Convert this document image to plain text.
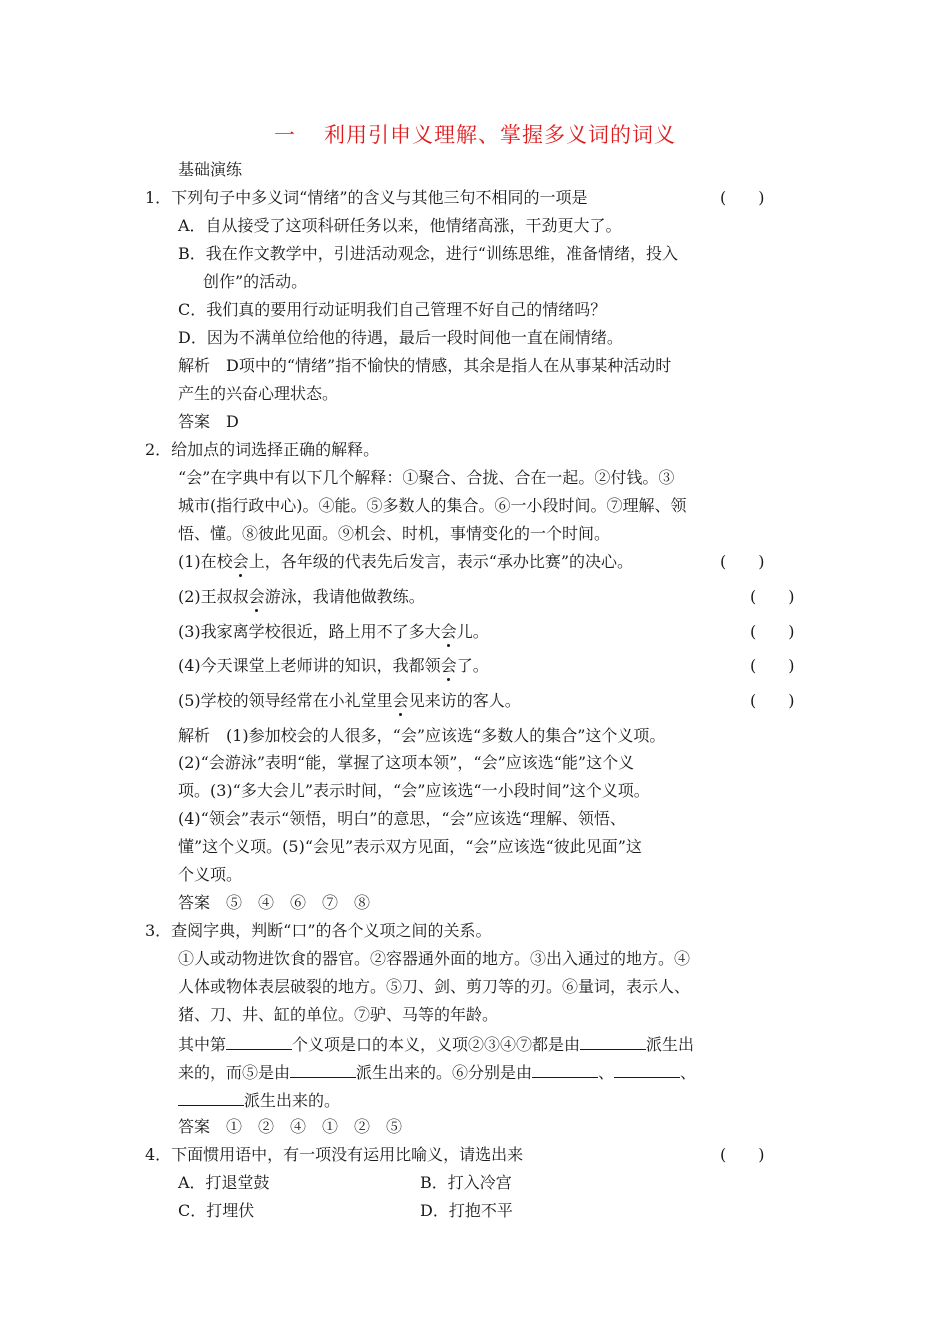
一 利用引申义理解、掌握多义词的词义
基础演练
1．下列句子中多义词“情绪”的含义与其他三句不相同的一项是	(　　)
A．自从接受了这项科研任务以来，他情绪高涨，干劲更大了。
B．我在作文教学中，引进活动观念，进行“训练思维，准备情绪，投入
创作”的活动。
C．我们真的要用行动证明我们自己管理不好自己的情绪吗？
D．因为不满单位给他的待遇，最后一段时间他一直在闹情绪。
解析　D项中的“情绪”指不愉快的情感，其余是指人在从事某种活动时
产生的兴奋心理状态。
答案　D
2．给加点的词选择正确的解释。
“会”在字典中有以下几个解释：①聚合、合拢、合在一起。②付钱。③
城市(指行政中心)。④能。⑤多数人的集合。⑥一小段时间。⑦理解、领
悟、懂。⑧彼此见面。⑨机会、时机，事情变化的一个时间。
(1)在校会上，各年级的代表先后发言，表示“承办比赛”的决心。	(　　)
(2)王叔叔会游泳，我请他做教练。	(　　)
(3)我家离学校很近，路上用不了多大会儿。	(　　)
(4)今天课堂上老师讲的知识，我都领会了。	(　　)
(5)学校的领导经常在小礼堂里会见来访的客人。	(　　)
解析　(1)参加校会的人很多，“会”应该选“多数人的集合”这个义项。
(2)“会游泳”表明“能，掌握了这项本领”，“会”应该选“能”这个义
项。(3)“多大会儿”表示时间，“会”应该选“一小段时间”这个义项。
(4)“领会”表示“领悟，明白”的意思，“会”应该选“理解、领悟、
懂”这个义项。(5)“会见”表示双方见面，“会”应该选“彼此见面”这
个义项。
答案　⑤　④　⑥　⑦　⑧
3．查阅字典，判断“口”的各个义项之间的关系。
①人或动物进饮食的器官。②容器通外面的地方。③出入通过的地方。④
人体或物体表层破裂的地方。⑤刀、剑、剪刀等的刃。⑥量词，表示人、
猪、刀、井、缸的单位。⑦驴、马等的年龄。
其中第	个义项是口的本义，义项②③④⑦都是由	派生出
来的，而⑤是由	派生出来的。⑥分别是由	、	、
派生出来的。
答案　①　②　④　①　②　⑤
4．下面惯用语中，有一项没有运用比喻义，请选出来	(　　)
A．打退堂鼓	B．打入冷宫
C．打埋伏	D．打抱不平
